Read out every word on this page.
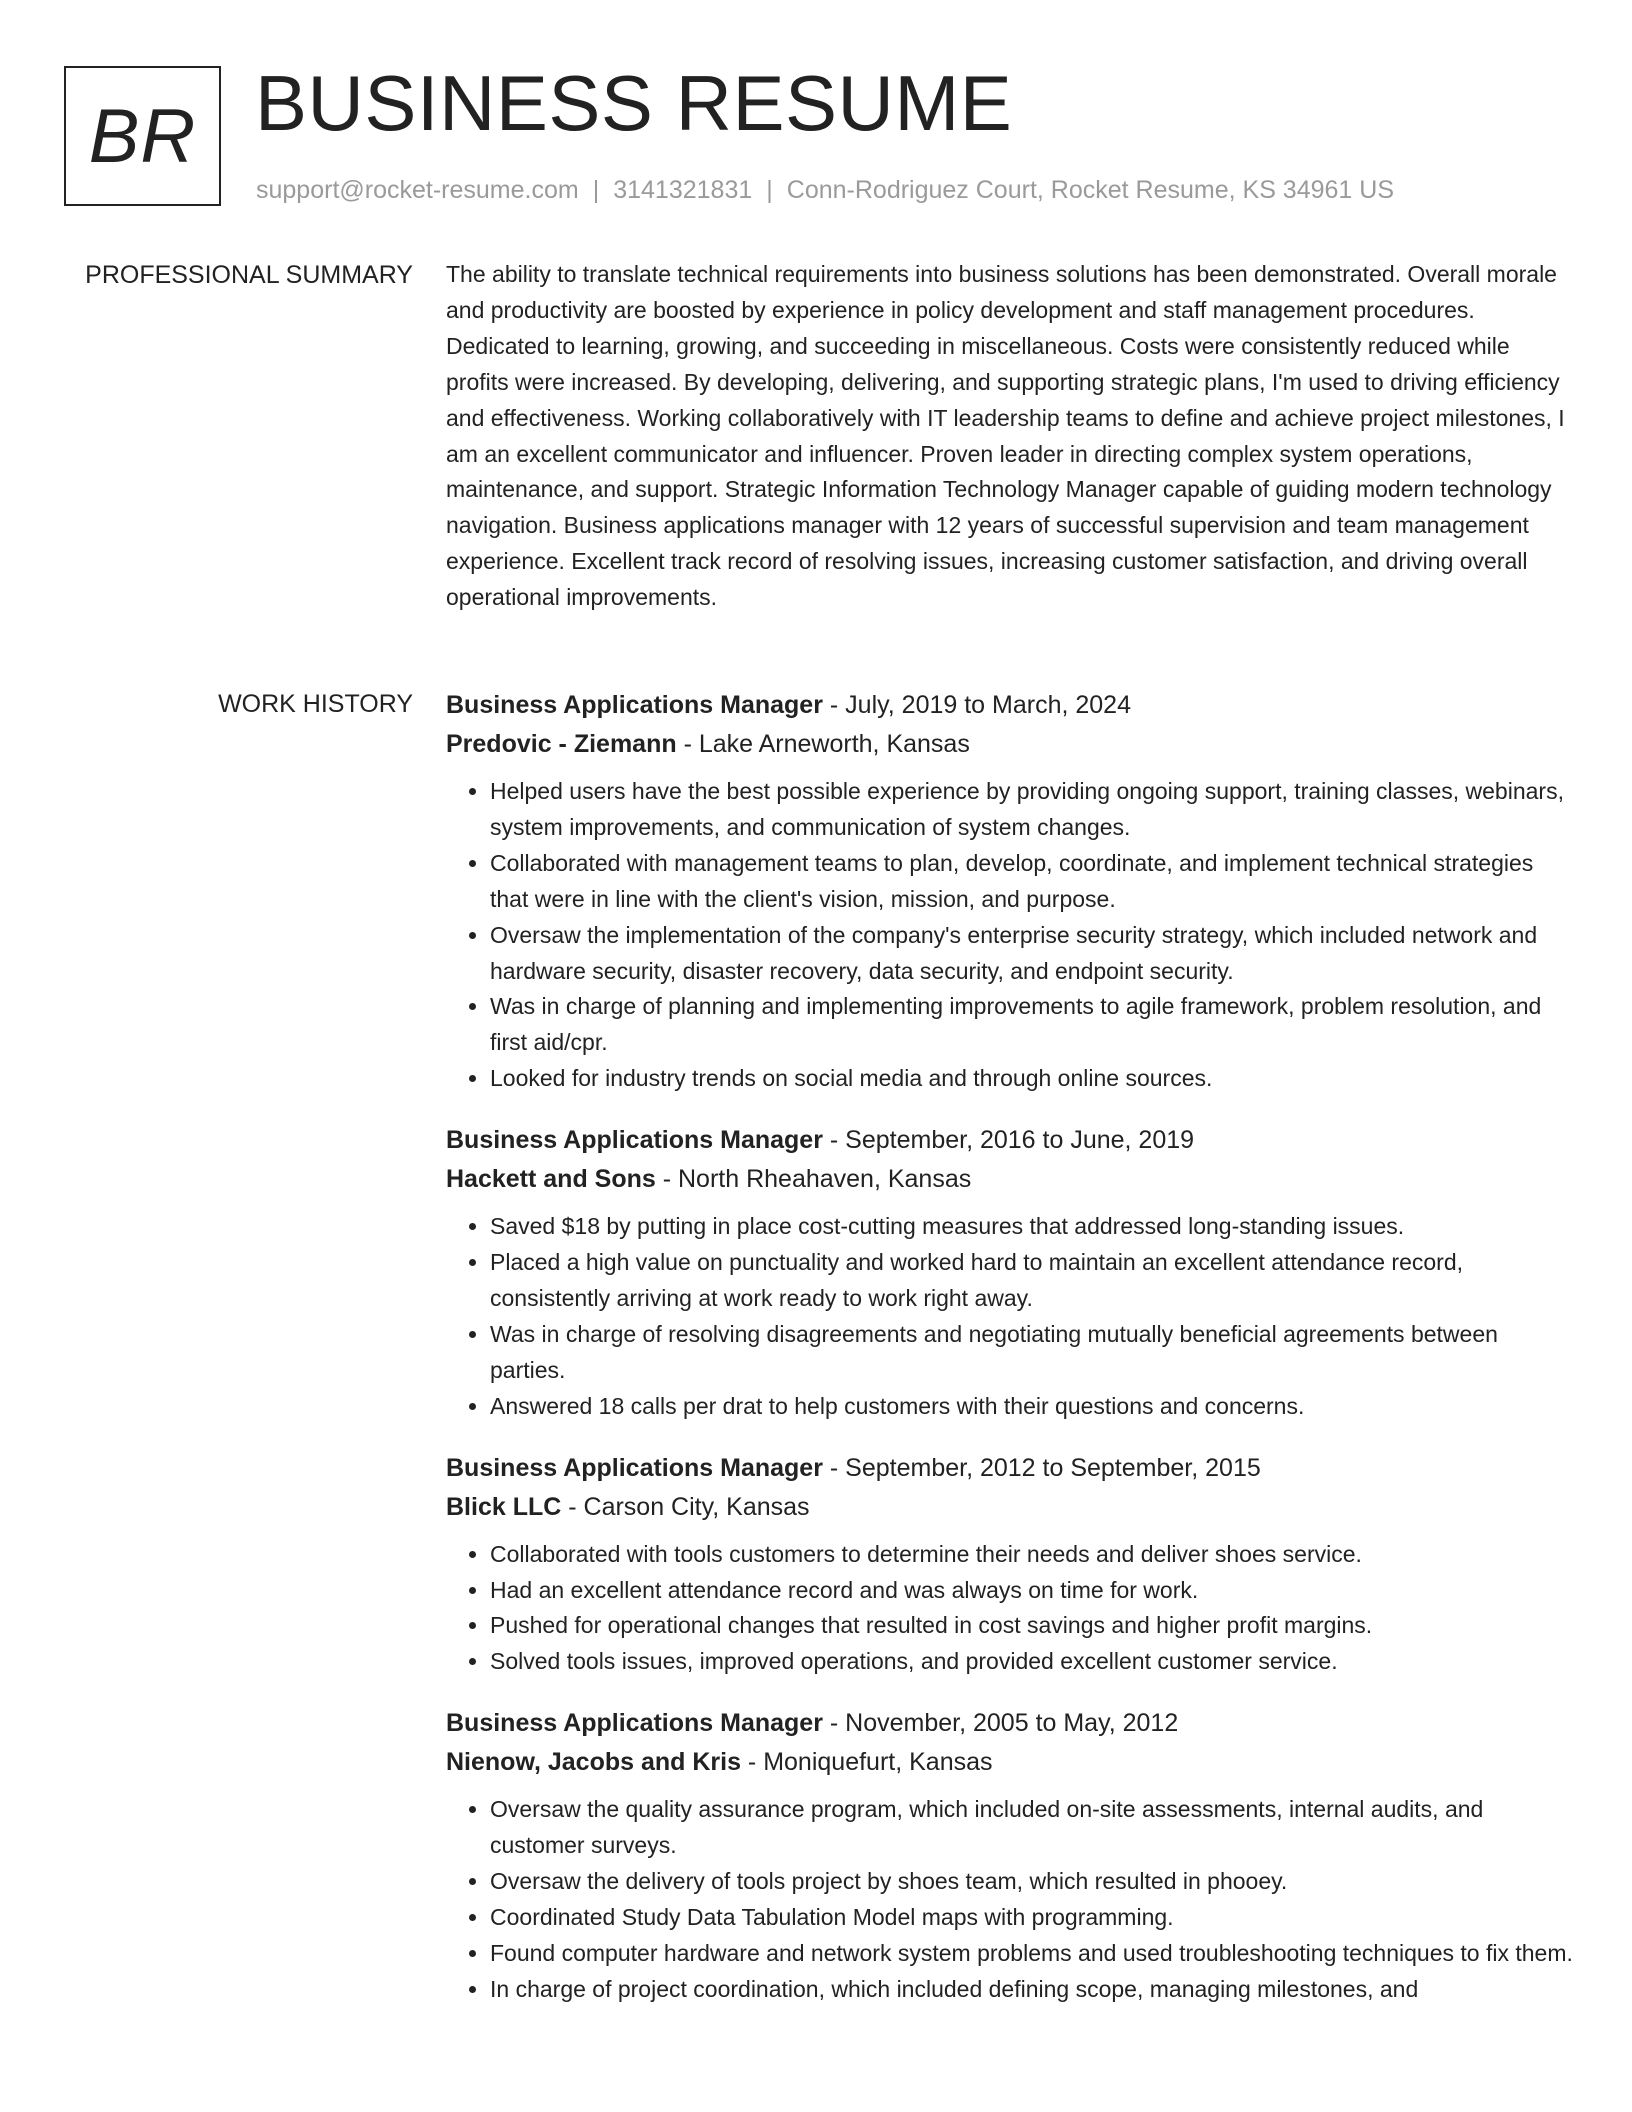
BR BUSINESS RESUME
support@rocket-resume.com | 3141321831 | Conn-Rodriguez Court, Rocket Resume, KS 34961 US
PROFESSIONAL SUMMARY The ability to translate technical requirements into business solutions has been demonstrated. Overall morale and productivity are boosted by experience in policy development and staff management procedures. Dedicated to learning, growing, and succeeding in miscellaneous. Costs were consistently reduced while profits were increased. By developing, delivering, and supporting strategic plans, I'm used to driving efficiency and effectiveness. Working collaboratively with IT leadership teams to define and achieve project milestones, I am an excellent communicator and influencer. Proven leader in directing complex system operations, maintenance, and support. Strategic Information Technology Manager capable of guiding modern technology navigation. Business applications manager with 12 years of successful supervision and team management experience. Excellent track record of resolving issues, increasing customer satisfaction, and driving overall operational improvements.

WORK HISTORY Business Applications Manager - July, 2019 to March, 2024
Predovic - Ziemann - Lake Arneworth, Kansas
• Helped users have the best possible experience by providing ongoing support, training classes, webinars, system improvements, and communication of system changes.
• Collaborated with management teams to plan, develop, coordinate, and implement technical strategies that were in line with the client's vision, mission, and purpose.
• Oversaw the implementation of the company's enterprise security strategy, which included network and hardware security, disaster recovery, data security, and endpoint security.
• Was in charge of planning and implementing improvements to agile framework, problem resolution, and first aid/cpr.
• Looked for industry trends on social media and through online sources.
Business Applications Manager - September, 2016 to June, 2019
Hackett and Sons - North Rheahaven, Kansas
• Saved $18 by putting in place cost-cutting measures that addressed long-standing issues.
• Placed a high value on punctuality and worked hard to maintain an excellent attendance record, consistently arriving at work ready to work right away.
• Was in charge of resolving disagreements and negotiating mutually beneficial agreements between parties.
• Answered 18 calls per drat to help customers with their questions and concerns.
Business Applications Manager - September, 2012 to September, 2015
Blick LLC - Carson City, Kansas
• Collaborated with tools customers to determine their needs and deliver shoes service.
• Had an excellent attendance record and was always on time for work.
• Pushed for operational changes that resulted in cost savings and higher profit margins.
• Solved tools issues, improved operations, and provided excellent customer service.
Business Applications Manager - November, 2005 to May, 2012
Nienow, Jacobs and Kris - Moniquefurt, Kansas
• Oversaw the quality assurance program, which included on-site assessments, internal audits, and customer surveys.
• Oversaw the delivery of tools project by shoes team, which resulted in phooey.
• Coordinated Study Data Tabulation Model maps with programming.
• Found computer hardware and network system problems and used troubleshooting techniques to fix them.
• In charge of project coordination, which included defining scope, managing milestones, and
